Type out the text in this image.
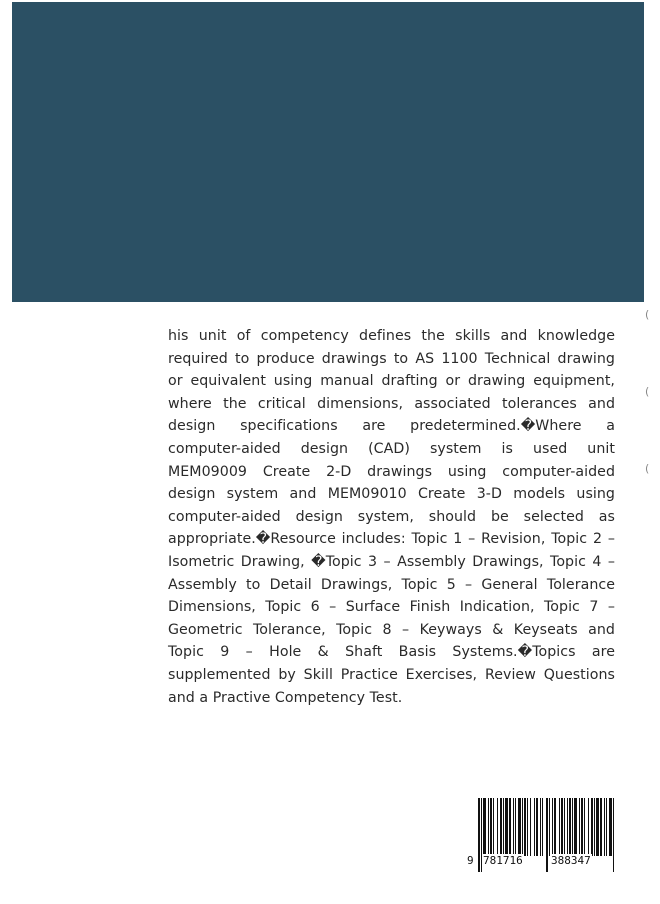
(
(
(
his unit of competency defines the skills and knowledge
required to produce drawings to AS 1100 Technical drawing
or equivalent using manual drafting or drawing equipment,
where the critical dimensions, associated tolerances and
design specifications are predetermined.�Where a
computer-aided design (CAD) system is used unit
MEM09009 Create 2-D drawings using computer-aided
design system and MEM09010 Create 3-D models using
computer-aided design system, should be selected as
appropriate.�Resource includes: Topic 1 – Revision, Topic 2 –
Isometric Drawing, �Topic 3 – Assembly Drawings, Topic 4 –
Assembly to Detail Drawings, Topic 5 – General Tolerance
Dimensions, Topic 6 – Surface Finish Indication, Topic 7 –
Geometric Tolerance, Topic 8 – Keyways & Keyseats and
Topic 9 – Hole & Shaft Basis Systems.�Topics are
supplemented by Skill Practice Exercises, Review Questions
and a Practive Competency Test.
9 781716	388347
